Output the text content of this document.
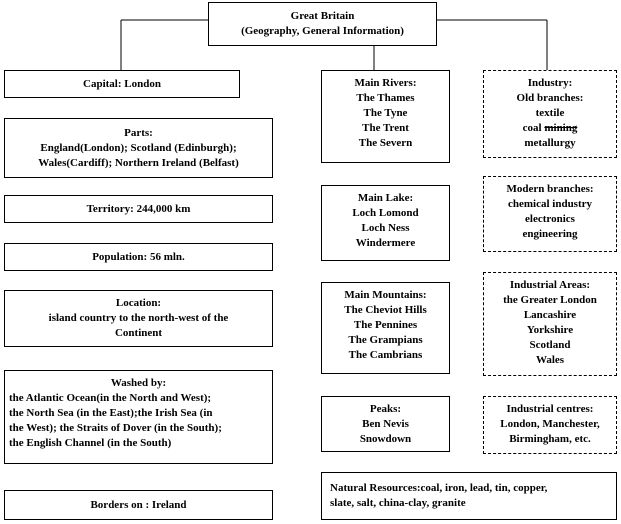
Great Britain
(Geography, General Information)
Capital: London
Parts:
England(London); Scotland (Edinburgh);
Wales(Cardiff); Northern Ireland (Belfast)
Territory: 244,000 km
Population: 56 mln.
Location:
island country to the north-west of the
Continent
Washed by:
the Atlantic Ocean(in the North and West);
the North Sea (in the East);the Irish Sea (in
the West); the Straits of Dover (in the South);
the English Channel (in the South)
Borders on : Ireland
Main Rivers:
The Thames
The Tyne
The Trent
The Severn
Main Lake:
Loch Lomond
Loch Ness
Windermere
Main Mountains:
The Cheviot Hills
The Pennines
The Grampians
The Cambrians
Peaks:
Ben Nevis
Snowdown
Natural Resources:coal, iron, lead, tin, copper,
slate, salt, china-clay, granite
Industry:
Old branches:
textile
coal mining
metallurgy
Modern branches:
chemical industry
electronics
engineering
Industrial Areas:
the Greater London
Lancashire
Yorkshire
Scotland
Wales
Industrial centres:
London, Manchester,
Birmingham, etc.
